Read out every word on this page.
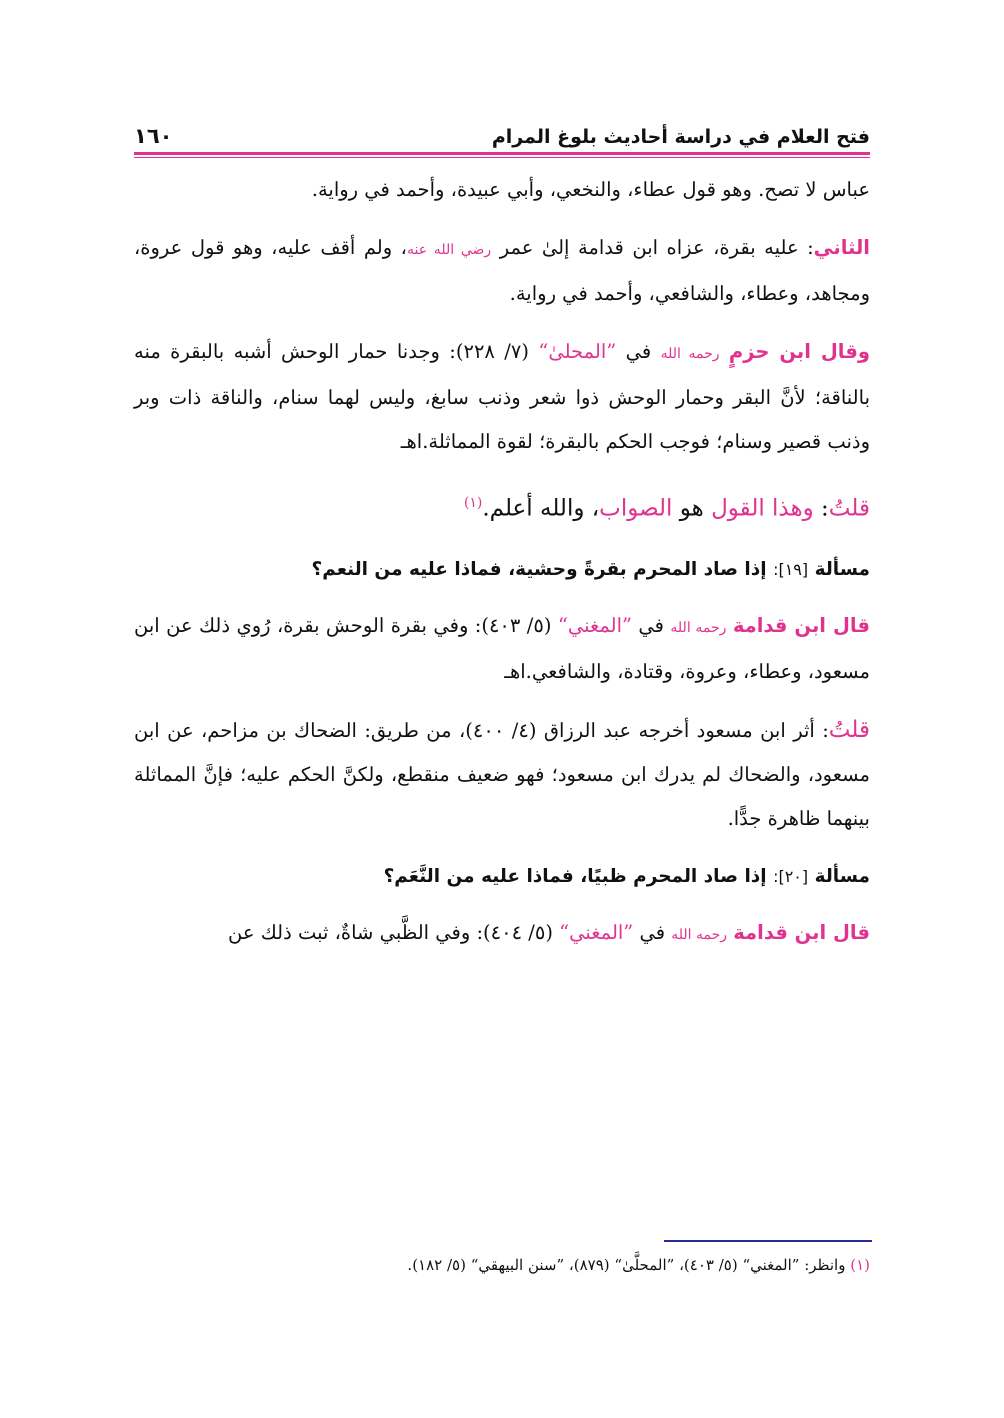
فتح العلام في دراسة أحاديث بلوغ المرام
١٦٠

عباس لا تصح. وهو قول عطاء، والنخعي، وأبي عبيدة، وأحمد في رواية.

الثاني: عليه بقرة، عزاه ابن قدامة إلىٰ عمر رضي الله عنه، ولم أقف عليه، وهو قول عروة، ومجاهد، وعطاء، والشافعي، وأحمد في رواية.

وقال ابن حزمٍ رحمه الله في ”المحلىٰ“ (٧/ ٢٢٨): وجدنا حمار الوحش أشبه بالبقرة منه بالناقة؛ لأنَّ البقر وحمار الوحش ذوا شعر وذنب سابغ، وليس لهما سنام، والناقة ذات وبر وذنب قصير وسنام؛ فوجب الحكم بالبقرة؛ لقوة المماثلة.اهـ

قلتُ: وهذا القول هو الصواب، والله أعلم.$^{(١)}$

مسألة [١٩]: إذا صاد المحرم بقرةً وحشية، فماذا عليه من النعم؟

قال ابن قدامة رحمه الله في ”المغني“ (٥/ ٤٠٣): وفي بقرة الوحش بقرة، رُوي ذلك عن ابن مسعود، وعطاء، وعروة، وقتادة، والشافعي.اهـ

قلتُ: أثر ابن مسعود أخرجه عبد الرزاق (٤/ ٤٠٠)، من طريق: الضحاك بن مزاحم، عن ابن مسعود، والضحاك لم يدرك ابن مسعود؛ فهو ضعيف منقطع، ولكنَّ الحكم عليه؛ فإنَّ المماثلة بينهما ظاهرة جدًّا.

مسألة [٢٠]: إذا صاد المحرم ظبيًا، فماذا عليه من النَّعَم؟

قال ابن قدامة رحمه الله في ”المغني“ (٥/ ٤٠٤): وفي الظَّبي شاةٌ، ثبت ذلك عن

(١) وانظر: ”المغني“ (٥/ ٤٠٣)، ”المحلَّىٰ“ (٨٧٩)، ”سنن البيهقي“ (٥/ ١٨٢).
